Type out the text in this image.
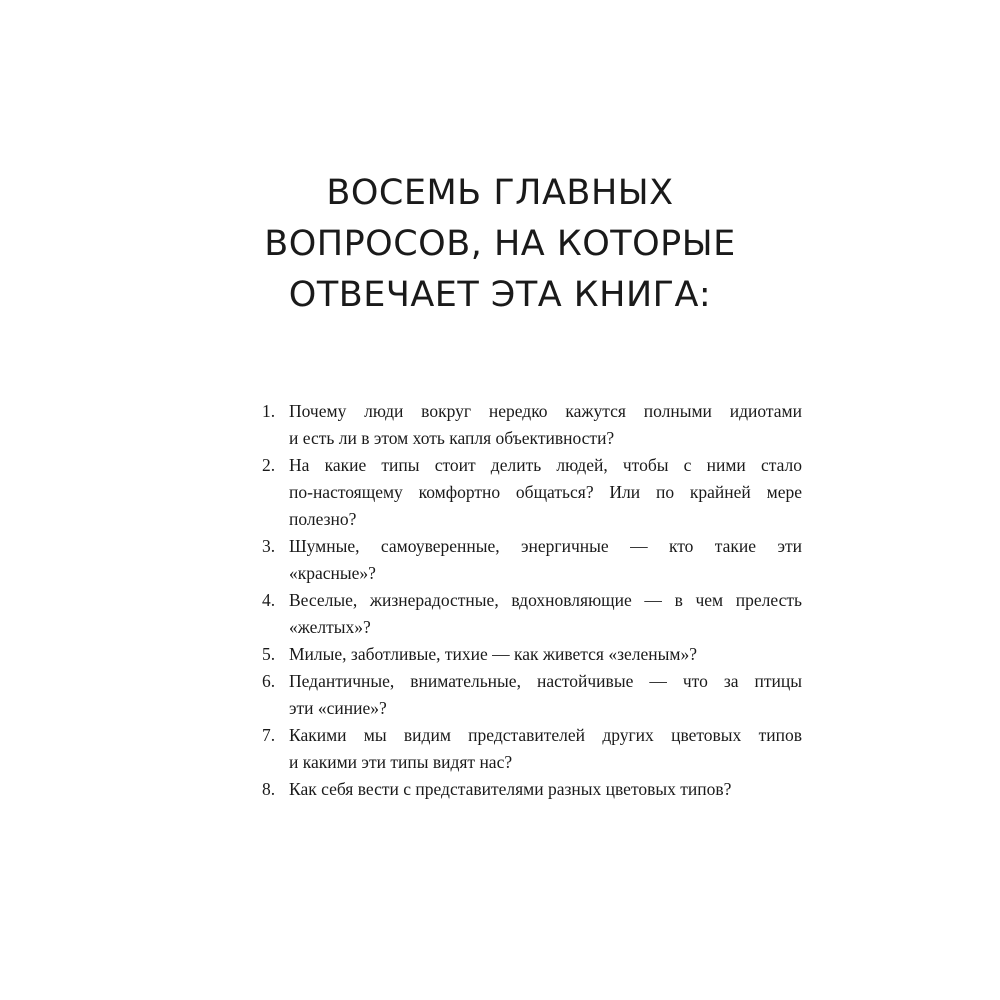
ВОСЕМЬ ГЛАВНЫХ
ВОПРОСОВ, НА КОТОРЫЕ
ОТВЕЧАЕТ ЭТА КНИГА:
1. Почему люди вокруг нередко кажутся полными идиотами
и есть ли в этом хоть капля объективности?
2. На какие типы стоит делить людей, чтобы с ними стало
по-настоящему комфортно общаться? Или по крайней мере
полезно?
3. Шумные, самоуверенные, энергичные — кто такие эти
«красные»?
4. Веселые, жизнерадостные, вдохновляющие — в чем прелесть
«желтых»?
5. Милые, заботливые, тихие — как живется «зеленым»?
6. Педантичные, внимательные, настойчивые — что за птицы
эти «синие»?
7. Какими мы видим представителей других цветовых типов
и какими эти типы видят нас?
8. Как себя вести с представителями разных цветовых типов?
